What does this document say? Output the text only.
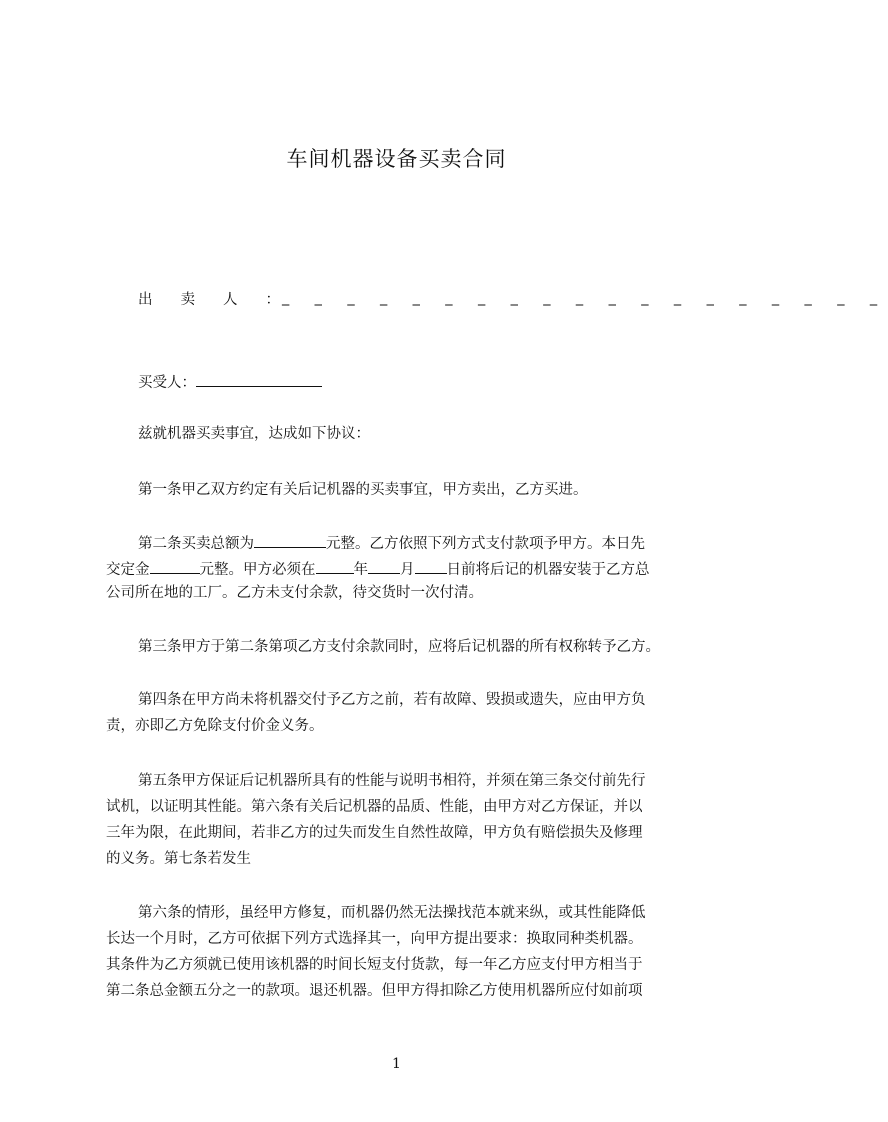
车间机器设备买卖合同
出 卖 人 ： _ _ _ _ _ _ _ _ _ _ _ _ _ _ _ _ _ _ _
买受人：
兹就机器买卖事宜，达成如下协议：
第一条甲乙双方约定有关后记机器的买卖事宜，甲方卖出，乙方买进。
第二条买卖总额为	元整。乙方依照下列方式支付款项予甲方。本日先
交定金	元整。甲方必须在	年 月 日前将后记的机器安装于乙方总
公司所在地的工厂。乙方未支付余款，待交货时一次付清。
第三条甲方于第二条第项乙方支付余款同时，应将后记机器的所有权称转予乙方。
第四条在甲方尚未将机器交付予乙方之前，若有故障、毁损或遗失，应由甲方负
责，亦即乙方免除支付价金义务。
第五条甲方保证后记机器所具有的性能与说明书相符，并须在第三条交付前先行
试机，以证明其性能。第六条有关后记机器的品质、性能，由甲方对乙方保证，并以
三年为限，在此期间，若非乙方的过失而发生自然性故障，甲方负有赔偿损失及修理
的义务。第七条若发生
第六条的情形，虽经甲方修复，而机器仍然无法操找范本就来纵，或其性能降低
长达一个月时，乙方可依据下列方式选择其一，向甲方提出要求：换取同种类机器。
其条件为乙方须就已使用该机器的时间长短支付货款，每一年乙方应支付甲方相当于
第二条总金额五分之一的款项。退还机器。但甲方得扣除乙方使用机器所应付如前项
1
